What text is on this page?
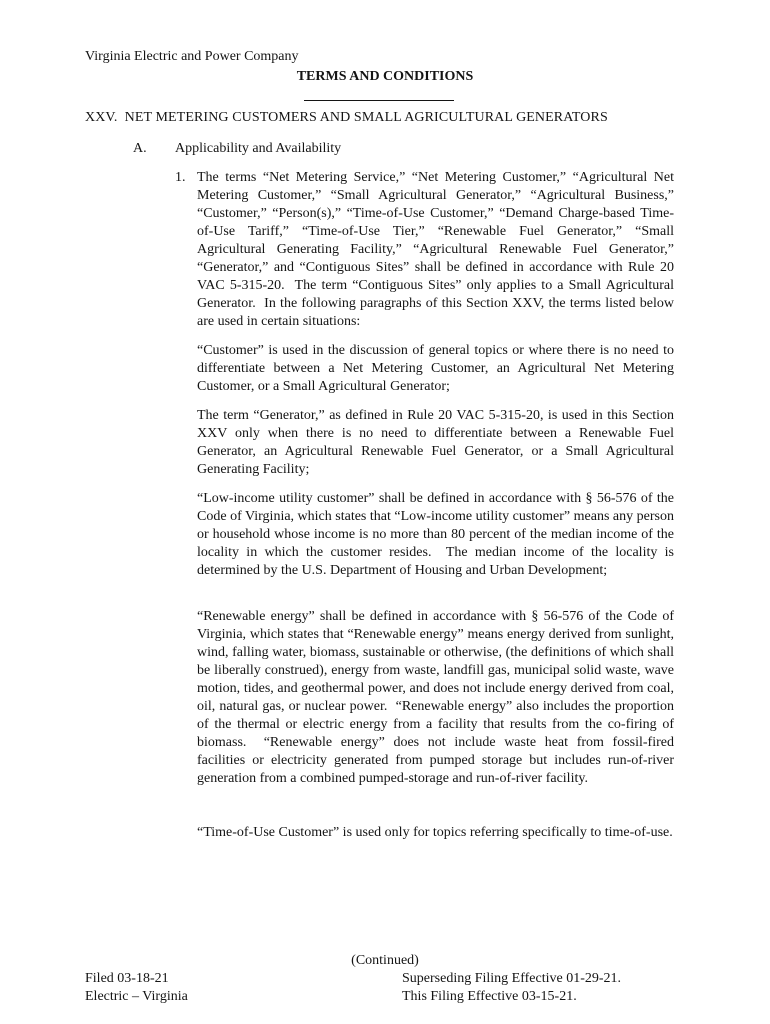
Virginia Electric and Power Company
TERMS AND CONDITIONS
XXV.  NET METERING CUSTOMERS AND SMALL AGRICULTURAL GENERATORS
A. Applicability and Availability
1. The terms “Net Metering Service,” “Net Metering Customer,” “Agricultural Net Metering Customer,” “Small Agricultural Generator,” “Agricultural Business,” “Customer,” “Person(s),” “Time-of-Use Customer,” “Demand Charge-based Time-of-Use Tariff,” “Time-of-Use Tier,” “Renewable Fuel Generator,” “Small Agricultural Generating Facility,” “Agricultural Renewable Fuel Generator,” “Generator,” and “Contiguous Sites” shall be defined in accordance with Rule 20 VAC 5-315-20.  The term “Contiguous Sites” only applies to a Small Agricultural Generator.  In the following paragraphs of this Section XXV, the terms listed below are used in certain situations:
“Customer” is used in the discussion of general topics or where there is no need to differentiate between a Net Metering Customer, an Agricultural Net Metering Customer, or a Small Agricultural Generator;
The term “Generator,” as defined in Rule 20 VAC 5-315-20, is used in this Section XXV only when there is no need to differentiate between a Renewable Fuel Generator, an Agricultural Renewable Fuel Generator, or a Small Agricultural Generating Facility;
“Low-income utility customer” shall be defined in accordance with § 56-576 of the Code of Virginia, which states that “Low-income utility customer” means any person or household whose income is no more than 80 percent of the median income of the locality in which the customer resides.  The median income of the locality is determined by the U.S. Department of Housing and Urban Development;
“Renewable energy” shall be defined in accordance with § 56-576 of the Code of Virginia, which states that “Renewable energy” means energy derived from sunlight, wind, falling water, biomass, sustainable or otherwise, (the definitions of which shall be liberally construed), energy from waste, landfill gas, municipal solid waste, wave motion, tides, and geothermal power, and does not include energy derived from coal, oil, natural gas, or nuclear power.  “Renewable energy” also includes the proportion of the thermal or electric energy from a facility that results from the co-firing of biomass.  “Renewable energy” does not include waste heat from fossil-fired facilities or electricity generated from pumped storage but includes run-of-river generation from a combined pumped-storage and run-of-river facility.
“Time-of-Use Customer” is used only for topics referring specifically to time-of-use.
(Continued)
Filed 03-18-21
Electric – Virginia
Superseding Filing Effective 01-29-21.
This Filing Effective 03-15-21.
